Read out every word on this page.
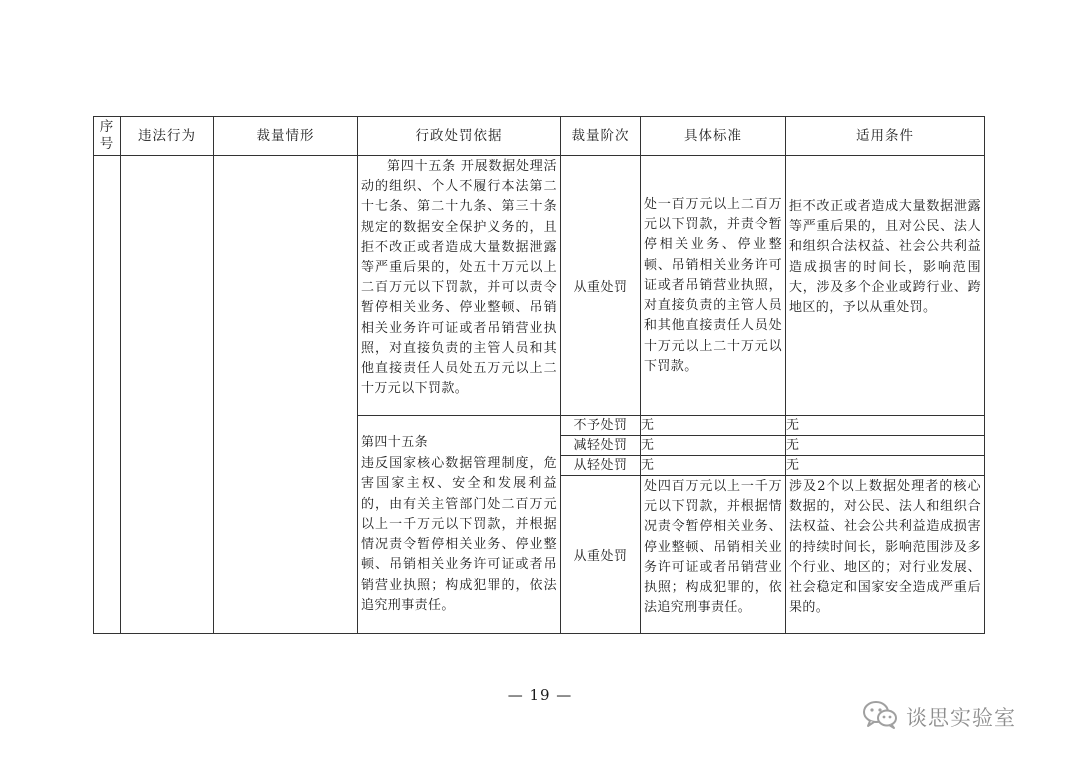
序号	违法行为	裁量情形	行政处罚依据	裁量阶次	具体标准	适用条件

			第四十五条 开展数据处理活动的组织、个人不履行本法第二十七条、第二十九条、第三十条规定的数据安全保护义务的，且拒不改正或者造成大量数据泄露等严重后果的，处五十万元以上二百万元以下罚款，并可以责令暂停相关业务、停业整顿、吊销相关业务许可证或者吊销营业执照，对直接负责的主管人员和其他直接责任人员处五万元以上二十万元以下罚款。	从重处罚	处一百万元以上二百万元以下罚款，并责令暂停相关业务、停业整顿、吊销相关业务许可证或者吊销营业执照，对直接负责的主管人员和其他直接责任人员处十万元以上二十万元以下罚款。	拒不改正或者造成大量数据泄露等严重后果的，且对公民、法人和组织合法权益、社会公共利益造成损害的时间长，影响范围大，涉及多个企业或跨行业、跨地区的，予以从重处罚。

			第四十五条
违反国家核心数据管理制度，危害国家主权、安全和发展利益的，由有关主管部门处二百万元以上一千万元以下罚款，并根据情况责令暂停相关业务、停业整顿、吊销相关业务许可证或者吊销营业执照；构成犯罪的，依法追究刑事责任。	不予处罚	无	无
				减轻处罚	无	无
				从轻处罚	无	无
				从重处罚	处四百万元以上一千万元以下罚款，并根据情况责令暂停相关业务、停业整顿、吊销相关业务许可证或者吊销营业执照；构成犯罪的，依法追究刑事责任。	涉及2个以上数据处理者的核心数据的，对公民、法人和组织合法权益、社会公共利益造成损害的持续时间长，影响范围涉及多个行业、地区的；对行业发展、社会稳定和国家安全造成严重后果的。
— 19 —
谈思实验室
